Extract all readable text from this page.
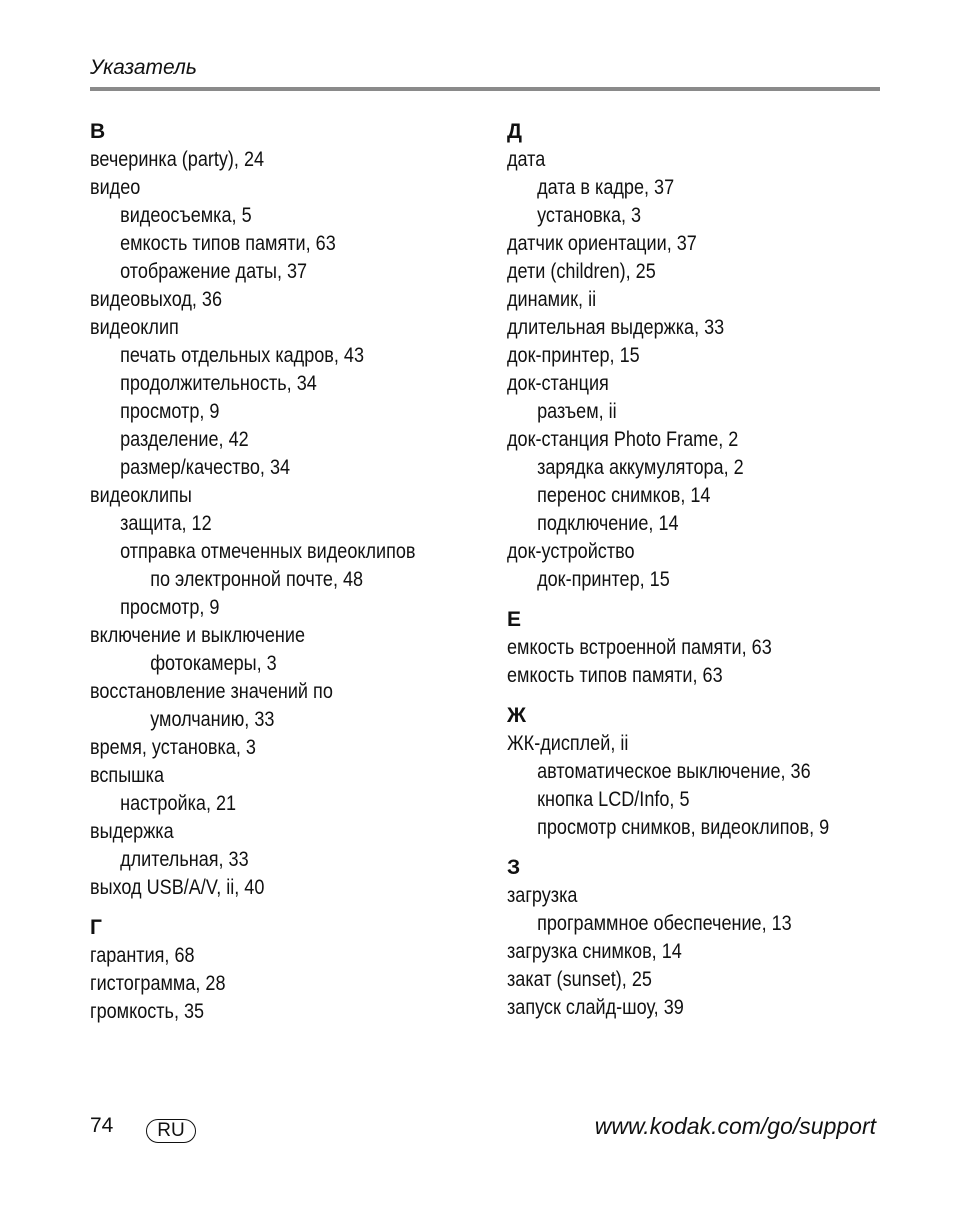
Указатель
В
вечеринка (party), 24
видео
видеосъемка, 5
емкость типов памяти, 63
отображение даты, 37
видеовыход, 36
видеоклип
печать отдельных кадров, 43
продолжительность, 34
просмотр, 9
разделение, 42
размер/качество, 34
видеоклипы
защита, 12
отправка отмеченных видеоклипов
по электронной почте, 48
просмотр, 9
включение и выключение
фотокамеры, 3
восстановление значений по
умолчанию, 33
время, установка, 3
вспышка
настройка, 21
выдержка
длительная, 33
выход USB/A/V, ii, 40
Г
гарантия, 68
гистограмма, 28
громкость, 35
Д
дата
дата в кадре, 37
установка, 3
датчик ориентации, 37
дети (children), 25
динамик, ii
длительная выдержка, 33
док-принтер, 15
док-станция
разъем, ii
док-станция Photo Frame, 2
зарядка аккумулятора, 2
перенос снимков, 14
подключение, 14
док-устройство
док-принтер, 15
Е
емкость встроенной памяти, 63
емкость типов памяти, 63
Ж
ЖК-дисплей, ii
автоматическое выключение, 36
кнопка LCD/Info, 5
просмотр снимков, видеоклипов, 9
З
загрузка
программное обеспечение, 13
загрузка снимков, 14
закат (sunset), 25
запуск слайд-шоу, 39
74	RU	www.kodak.com/go/support
